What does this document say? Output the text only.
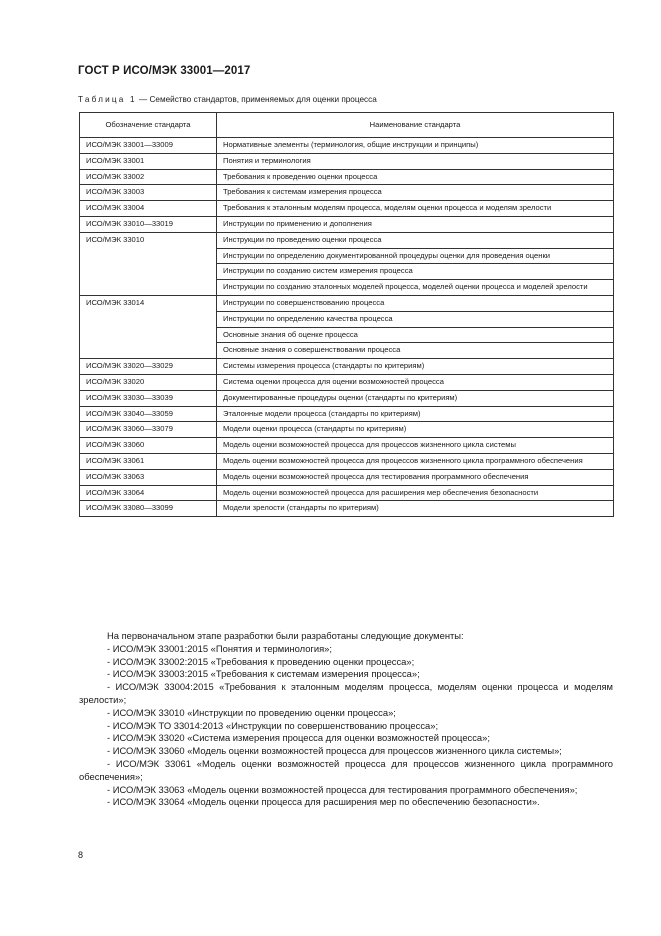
ГОСТ Р ИСО/МЭК 33001—2017
Таблица 1 — Семейство стандартов, применяемых для оценки процесса
Обозначение стандарта	Наименование стандарта
ИСО/МЭК 33001—33009	Нормативные элементы (терминология, общие инструкции и принципы)
ИСО/МЭК 33001	Понятия и терминология
ИСО/МЭК 33002	Требования к проведению оценки процесса
ИСО/МЭК 33003	Требования к системам измерения процесса
ИСО/МЭК 33004	Требования к эталонным моделям процесса, моделям оценки процесса и моделям зрелости
ИСО/МЭК 33010—33019	Инструкции по применению и дополнения
ИСО/МЭК 33010	Инструкции по проведению оценки процесса
	Инструкции по определению документированной процедуры оценки для проведения оценки
	Инструкции по созданию систем измерения процесса
	Инструкции по созданию эталонных моделей процесса, моделей оценки процесса и моделей зрелости
ИСО/МЭК 33014	Инструкции по совершенствованию процесса
	Инструкции по определению качества процесса
	Основные знания об оценке процесса
	Основные знания о совершенствовании процесса
ИСО/МЭК 33020—33029	Системы измерения процесса (стандарты по критериям)
ИСО/МЭК 33020	Система оценки процесса для оценки возможностей процесса
ИСО/МЭК 33030—33039	Документированные процедуры оценки (стандарты по критериям)
ИСО/МЭК 33040—33059	Эталонные модели процесса (стандарты по критериям)
ИСО/МЭК 33060—33079	Модели оценки процесса (стандарты по критериям)
ИСО/МЭК 33060	Модель оценки возможностей процесса для процессов жизненного цикла системы
ИСО/МЭК 33061	Модель оценки возможностей процесса для процессов жизненного цикла программного обеспечения
ИСО/МЭК 33063	Модель оценки возможностей процесса для тестирования программного обеспечения
ИСО/МЭК 33064	Модель оценки возможностей процесса для расширения мер обеспечения безопасности
ИСО/МЭК 33080—33099	Модели зрелости (стандарты по критериям)

На первоначальном этапе разработки были разработаны следующие документы:

- ИСО/МЭК 33001:2015 «Понятия и терминология»;

- ИСО/МЭК 33002:2015 «Требования к проведению оценки процесса»;

- ИСО/МЭК 33003:2015 «Требования к системам измерения процесса»;

- ИСО/МЭК 33004:2015 «Требования к эталонным моделям процесса, моделям оценки процесса и моделям зрелости»;

- ИСО/МЭК 33010 «Инструкции по проведению оценки процесса»;

- ИСО/МЭК ТО 33014:2013 «Инструкции по совершенствованию процесса»;

- ИСО/МЭК 33020 «Система измерения процесса для оценки возможностей процесса»;

- ИСО/МЭК 33060 «Модель оценки возможностей процесса для процессов жизненного цикла системы»;

- ИСО/МЭК 33061 «Модель оценки возможностей процесса для процессов жизненного цикла программного обеспечения»;

- ИСО/МЭК 33063 «Модель оценки возможностей процесса для тестирования программного обеспечения»;

- ИСО/МЭК 33064 «Модель оценки процесса для расширения мер по обеспечению безопасности».

8
